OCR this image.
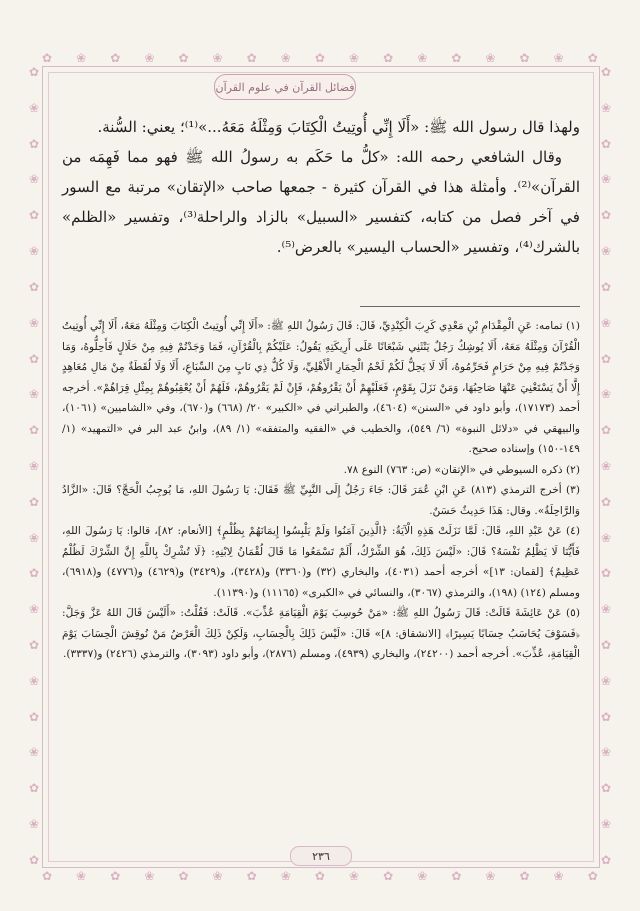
✿ ❀ ✿ ❀ ✿ ❀ ✿ ❀ ✿ ❀ ✿ ❀ ✿ ❀ ✿ ❀ ✿
✿ ❀ ✿ ❀ ✿ ❀ ✿ ❀ ✿ ❀ ✿ ❀ ✿ ❀ ✿ ❀ ✿
✿
❀
✿
❀
✿
❀
✿
❀
✿
❀
✿
❀
✿
❀
✿
❀
✿
❀
✿
❀
✿
❀
✿
✿
❀
✿
❀
✿
❀
✿
❀
✿
❀
✿
❀
✿
❀
✿
❀
✿
❀
✿
❀
✿
❀
✿
فضائل القرآن في علوم القرآن

ولهذا قال رسول الله ﷺ: «أَلَا إِنِّي أُوتِيتُ الْكِتَابَ وَمِثْلَهُ مَعَهُ...»⁽¹⁾؛ يعني: السُّنة.

وقال الشافعي رحمه الله: «كلُّ ما حَكَم به رسولُ الله ﷺ فهو مما فَهِمَه من القرآن»⁽²⁾. وأمثلة هذا في القرآن كثيرة - جمعها صاحب «الإتقان» مرتبة مع السور في آخر فصل من كتابه، كتفسير «السبيل» بالزاد والراحلة⁽³⁾، وتفسير «الظلم» بالشرك⁽⁴⁾، وتفسير «الحساب اليسير» بالعرض⁽⁵⁾.

(١) تمامه: عَنِ الْمِقْدَامِ بْنِ مَعْدِي كَرِبَ الْكِنْدِيِّ، قَالَ: قَالَ رَسُولُ اللهِ ﷺ: «أَلَا إِنِّي أُوتِيتُ الْكِتَابَ وَمِثْلَهُ مَعَهُ، أَلَا إِنِّي أُوتِيتُ الْقُرْآنَ وَمِثْلَهُ مَعَهُ، أَلَا يُوشِكُ رَجُلٌ يَنْثَنِي شَبْعَانًا عَلَى أَرِيكَتِهِ يَقُولُ: عَلَيْكُمْ بِالْقُرْآنِ، فَمَا وَجَدْتُمْ فِيهِ مِنْ حَلَالٍ فَأَحِلُّوهُ، وَمَا وَجَدْتُمْ فِيهِ مِنْ حَرَامٍ فَحَرِّمُوهُ، أَلَا لَا يَحِلُّ لَكُمْ لَحْمُ الْحِمَارِ الْأَهْلِيِّ، وَلَا كُلُّ ذِي نَابٍ مِنَ السِّبَاعِ، أَلَا وَلَا لُقَطَةٌ مِنْ مَالِ مُعَاهِدٍ إِلَّا أَنْ يَسْتَغْنِيَ عَنْهَا صَاحِبُهَا، وَمَنْ نَزَلَ بِقَوْمٍ، فَعَلَيْهِمْ أَنْ يَقْرُوهُمْ، فَإِنْ لَمْ يَقْرُوهُمْ، فَلَهُمْ أَنْ يُعْقِبُوهُمْ بِمِثْلِ قِرَاهُمْ». أخرجه أحمد (١٧١٧٣)، وأبو داود في «السنن» (٤٦٠٤)، والطبراني في «الكبير» ٢٠/ (٦٦٨) و(٦٧٠)، وفي «الشاميين» (١٠٦١)، والبيهقي في «دلائل النبوة» (٦/ ٥٤٩)، والخطيب في «الفقيه والمتفقه» (١/ ٨٩)، وابنُ عبد البر في «التمهيد» (١/ ١٤٩-١٥٠) وإسناده صحيح.

(٢) ذكره السيوطي في «الإتقان» (ص: ٧٦٣) النوع ٧٨.

(٣) أخرج الترمذي (٨١٣) عَنِ ابْنِ عُمَرَ قَالَ: جَاءَ رَجُلٌ إِلَى النَّبِيِّ ﷺ فَقَالَ: يَا رَسُولَ اللهِ، مَا يُوجِبُ الْحَجَّ؟ قَالَ: «الزَّادُ وَالرَّاحِلَةُ». وقال: هَذَا حَدِيثٌ حَسَنٌ.

(٤) عَنْ عَبْدِ اللهِ، قَالَ: لَمَّا نَزَلَتْ هَذِهِ الْآيَةُ: ﴿الَّذِينَ آمَنُوا وَلَمْ يَلْبِسُوا إِيمَانَهُمْ بِظُلْمٍ﴾ [الأنعام: ٨٢]، قالوا: يَا رَسُولَ اللهِ، فَأَيُّنَا لَا يَظْلِمُ نَفْسَهُ؟ قَالَ: «لَيْسَ ذَلِكَ، هُوَ الشِّرْكُ، أَلَمْ تَسْمَعُوا مَا قَالَ لُقْمَانُ لِابْنِهِ: ﴿لَا تُشْرِكْ بِاللَّهِ إِنَّ الشِّرْكَ لَظُلْمٌ عَظِيمٌ﴾ [لقمان: ١٣]» أخرجه أحمد (٤٠٣١)، والبخاري (٣٢) و(٣٣٦٠) و(٣٤٢٨)، و(٣٤٢٩) و(٤٦٢٩) و(٤٧٧٦) و(٦٩١٨)، ومسلم (١٢٤) (١٩٨)، والترمذي (٣٠٦٧)، والنسائي في «الكبرى» (١١١٦٥) و(١١٣٩٠).

(٥) عَنْ عَائِشَةَ قَالَتْ: قَالَ رَسُولُ اللهِ ﷺ: «مَنْ حُوسِبَ يَوْمَ الْقِيَامَةِ عُذِّبَ». قَالَتْ: فَقُلْتُ: «أَلَيْسَ قَالَ اللهُ عَزَّ وَجَلَّ: ﴿فَسَوْفَ يُحَاسَبُ حِسَابًا يَسِيرًا﴾ [الانشقاق: ٨]» قَالَ: «لَيْسَ ذَلِكَ بِالْحِسَابِ، وَلَكِنْ ذَلِكَ الْعَرْضُ مَنْ نُوقِشَ الْحِسَابَ يَوْمَ الْقِيَامَةِ، عُذِّبَ». أخرجه أحمد (٢٤٢٠٠)، والبخاري (٤٩٣٩)، ومسلم (٢٨٧٦)، وأبو داود (٣٠٩٣)، والترمذي (٢٤٢٦) و(٣٣٣٧).

٢٣٦
